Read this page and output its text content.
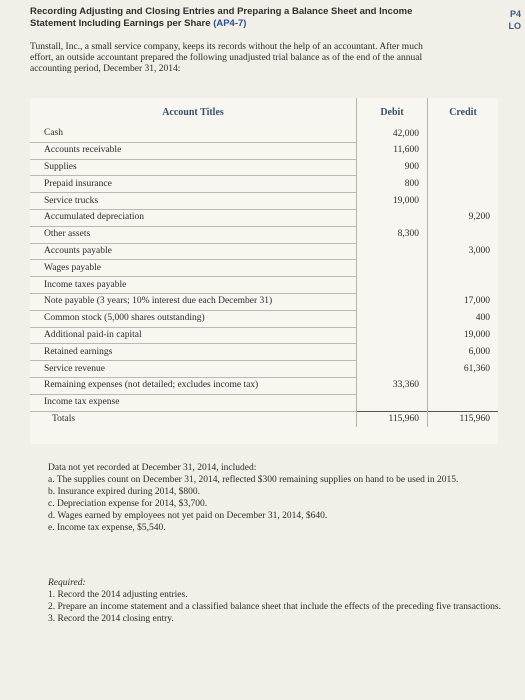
Recording Adjusting and Closing Entries and Preparing a Balance Sheet and Income
Statement Including Earnings per Share (AP4-7)
P4
LO
Tunstall, Inc., a small service company, keeps its records without the help of an accountant. After much
effort, an outside accountant prepared the following unadjusted trial balance as of the end of the annual
accounting period, December 31, 2014:
Account Titles	Debit	Credit
Cash	42,000	
Accounts receivable	11,600	
Supplies	900	
Prepaid insurance	800	
Service trucks	19,000	
Accumulated depreciation		9,200
Other assets	8,300	
Accounts payable		3,000
Wages payable		
Income taxes payable		
Note payable (3 years; 10% interest due each December 31)		17,000
Common stock (5,000 shares outstanding)		400
Additional paid-in capital		19,000
Retained earnings		6,000
Service revenue		61,360
Remaining expenses (not detailed; excludes income tax)	33,360	
Income tax expense		
Totals	115,960	115,960
Data not yet recorded at December 31, 2014, included:
a. The supplies count on December 31, 2014, reflected $300 remaining supplies on hand to be used in 2015.
b. Insurance expired during 2014, $800.
c. Depreciation expense for 2014, $3,700.
d. Wages earned by employees not yet paid on December 31, 2014, $640.
e. Income tax expense, $5,540.
Required:
1. Record the 2014 adjusting entries.
2. Prepare an income statement and a classified balance sheet that include the effects of the preceding five transactions.
3. Record the 2014 closing entry.
